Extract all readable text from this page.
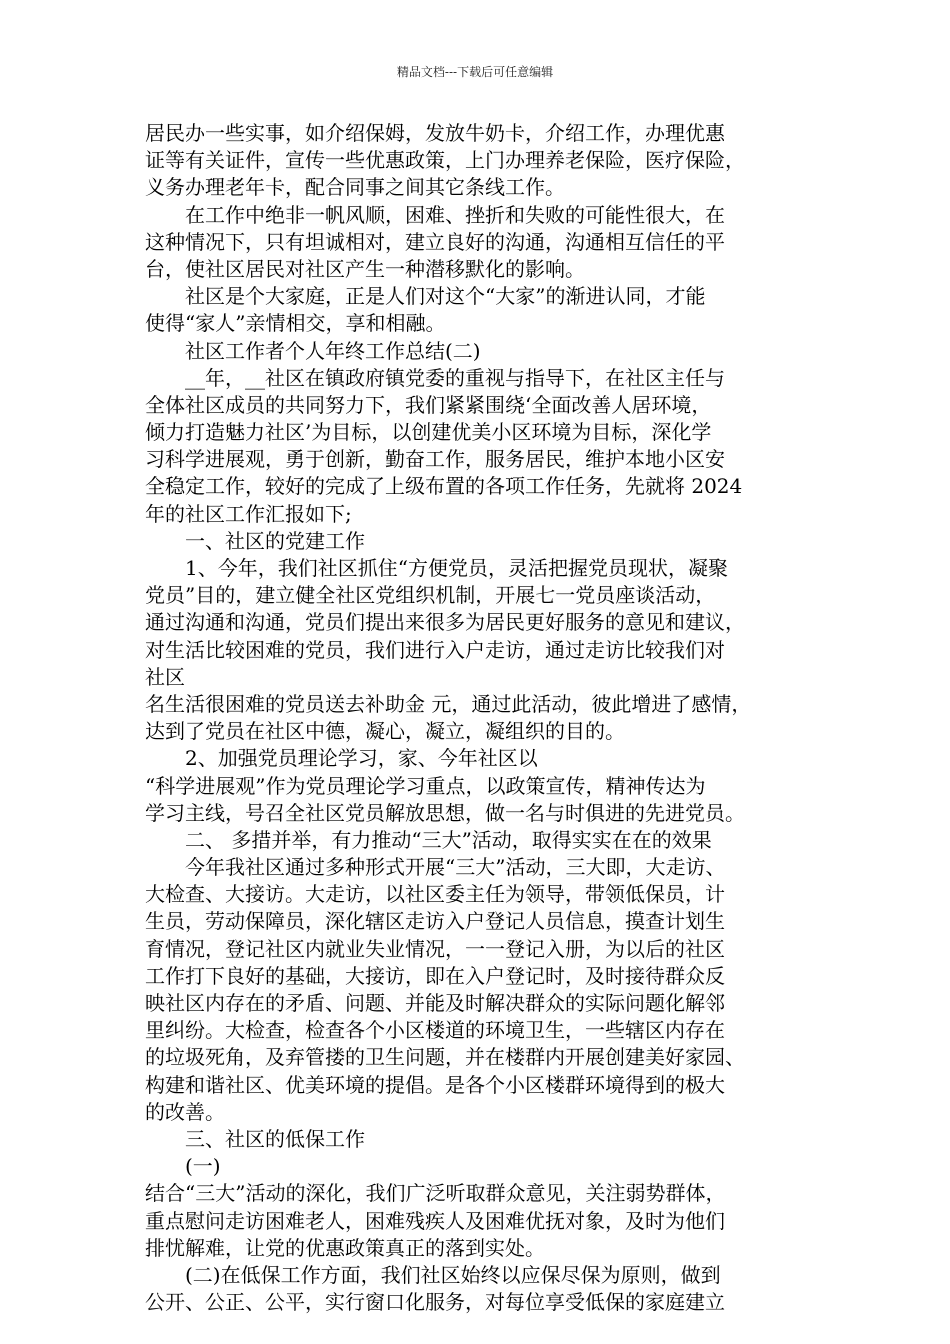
精品文档---下载后可任意编辑
居民办一些实事，如介绍保姆，发放牛奶卡，介绍工作，办理优惠
证等有关证件，宣传一些优惠政策，上门办理养老保险，医疗保险，
义务办理老年卡，配合同事之间其它条线工作。
　　在工作中绝非一帆风顺，困难、挫折和失败的可能性很大，在
这种情况下，只有坦诚相对，建立良好的沟通，沟通相互信任的平
台，使社区居民对社区产生一种潜移默化的影响。
　　社区是个大家庭，正是人们对这个“大家”的渐进认同，才能
使得“家人”亲情相交，享和相融。
　　社区工作者个人年终工作总结(二)
　　__年，__社区在镇政府镇党委的重视与指导下，在社区主任与
全体社区成员的共同努力下，我们紧紧围绕‘全面改善人居环境，
倾力打造魅力社区’为目标，以创建优美小区环境为目标，深化学
习科学进展观，勇于创新，勤奋工作，服务居民，维护本地小区安
全稳定工作，较好的完成了上级布置的各项工作任务，先就将 2024
年的社区工作汇报如下;
　　一、社区的党建工作
　　1、今年，我们社区抓住“方便党员，灵活把握党员现状，凝聚
党员”目的，建立健全社区党组织机制，开展七一党员座谈活动，
通过沟通和沟通，党员们提出来很多为居民更好服务的意见和建议，
对生活比较困难的党员，我们进行入户走访，通过走访比较我们对
社区
名生活很困难的党员送去补助金 元，通过此活动，彼此增进了感情，
达到了党员在社区中德，凝心，凝立，凝组织的目的。
　　2、加强党员理论学习，家、今年社区以
“科学进展观”作为党员理论学习重点，以政策宣传，精神传达为
学习主线，号召全社区党员解放思想，做一名与时俱进的先进党员。
　　二、 多措并举，有力推动“三大”活动，取得实实在在的效果
　　今年我社区通过多种形式开展“三大”活动，三大即，大走访、
大检查、大接访。大走访，以社区委主任为领导，带领低保员，计
生员，劳动保障员，深化辖区走访入户登记人员信息，摸查计划生
育情况，登记社区内就业失业情况，一一登记入册，为以后的社区
工作打下良好的基础，大接访，即在入户登记时，及时接待群众反
映社区内存在的矛盾、问题、并能及时解决群众的实际问题化解邻
里纠纷。大检查，检查各个小区楼道的环境卫生，一些辖区内存在
的垃圾死角，及弃管搂的卫生问题，并在楼群内开展创建美好家园、
构建和谐社区、优美环境的提倡。是各个小区楼群环境得到的极大
的改善。
　　三、社区的低保工作
　　(一)
结合“三大”活动的深化，我们广泛听取群众意见，关注弱势群体，
重点慰问走访困难老人，困难残疾人及困难优抚对象，及时为他们
排忧解难，让党的优惠政策真正的落到实处。
　　(二)在低保工作方面，我们社区始终以应保尽保为原则，做到
公开、公正、公平，实行窗口化服务，对每位享受低保的家庭建立
